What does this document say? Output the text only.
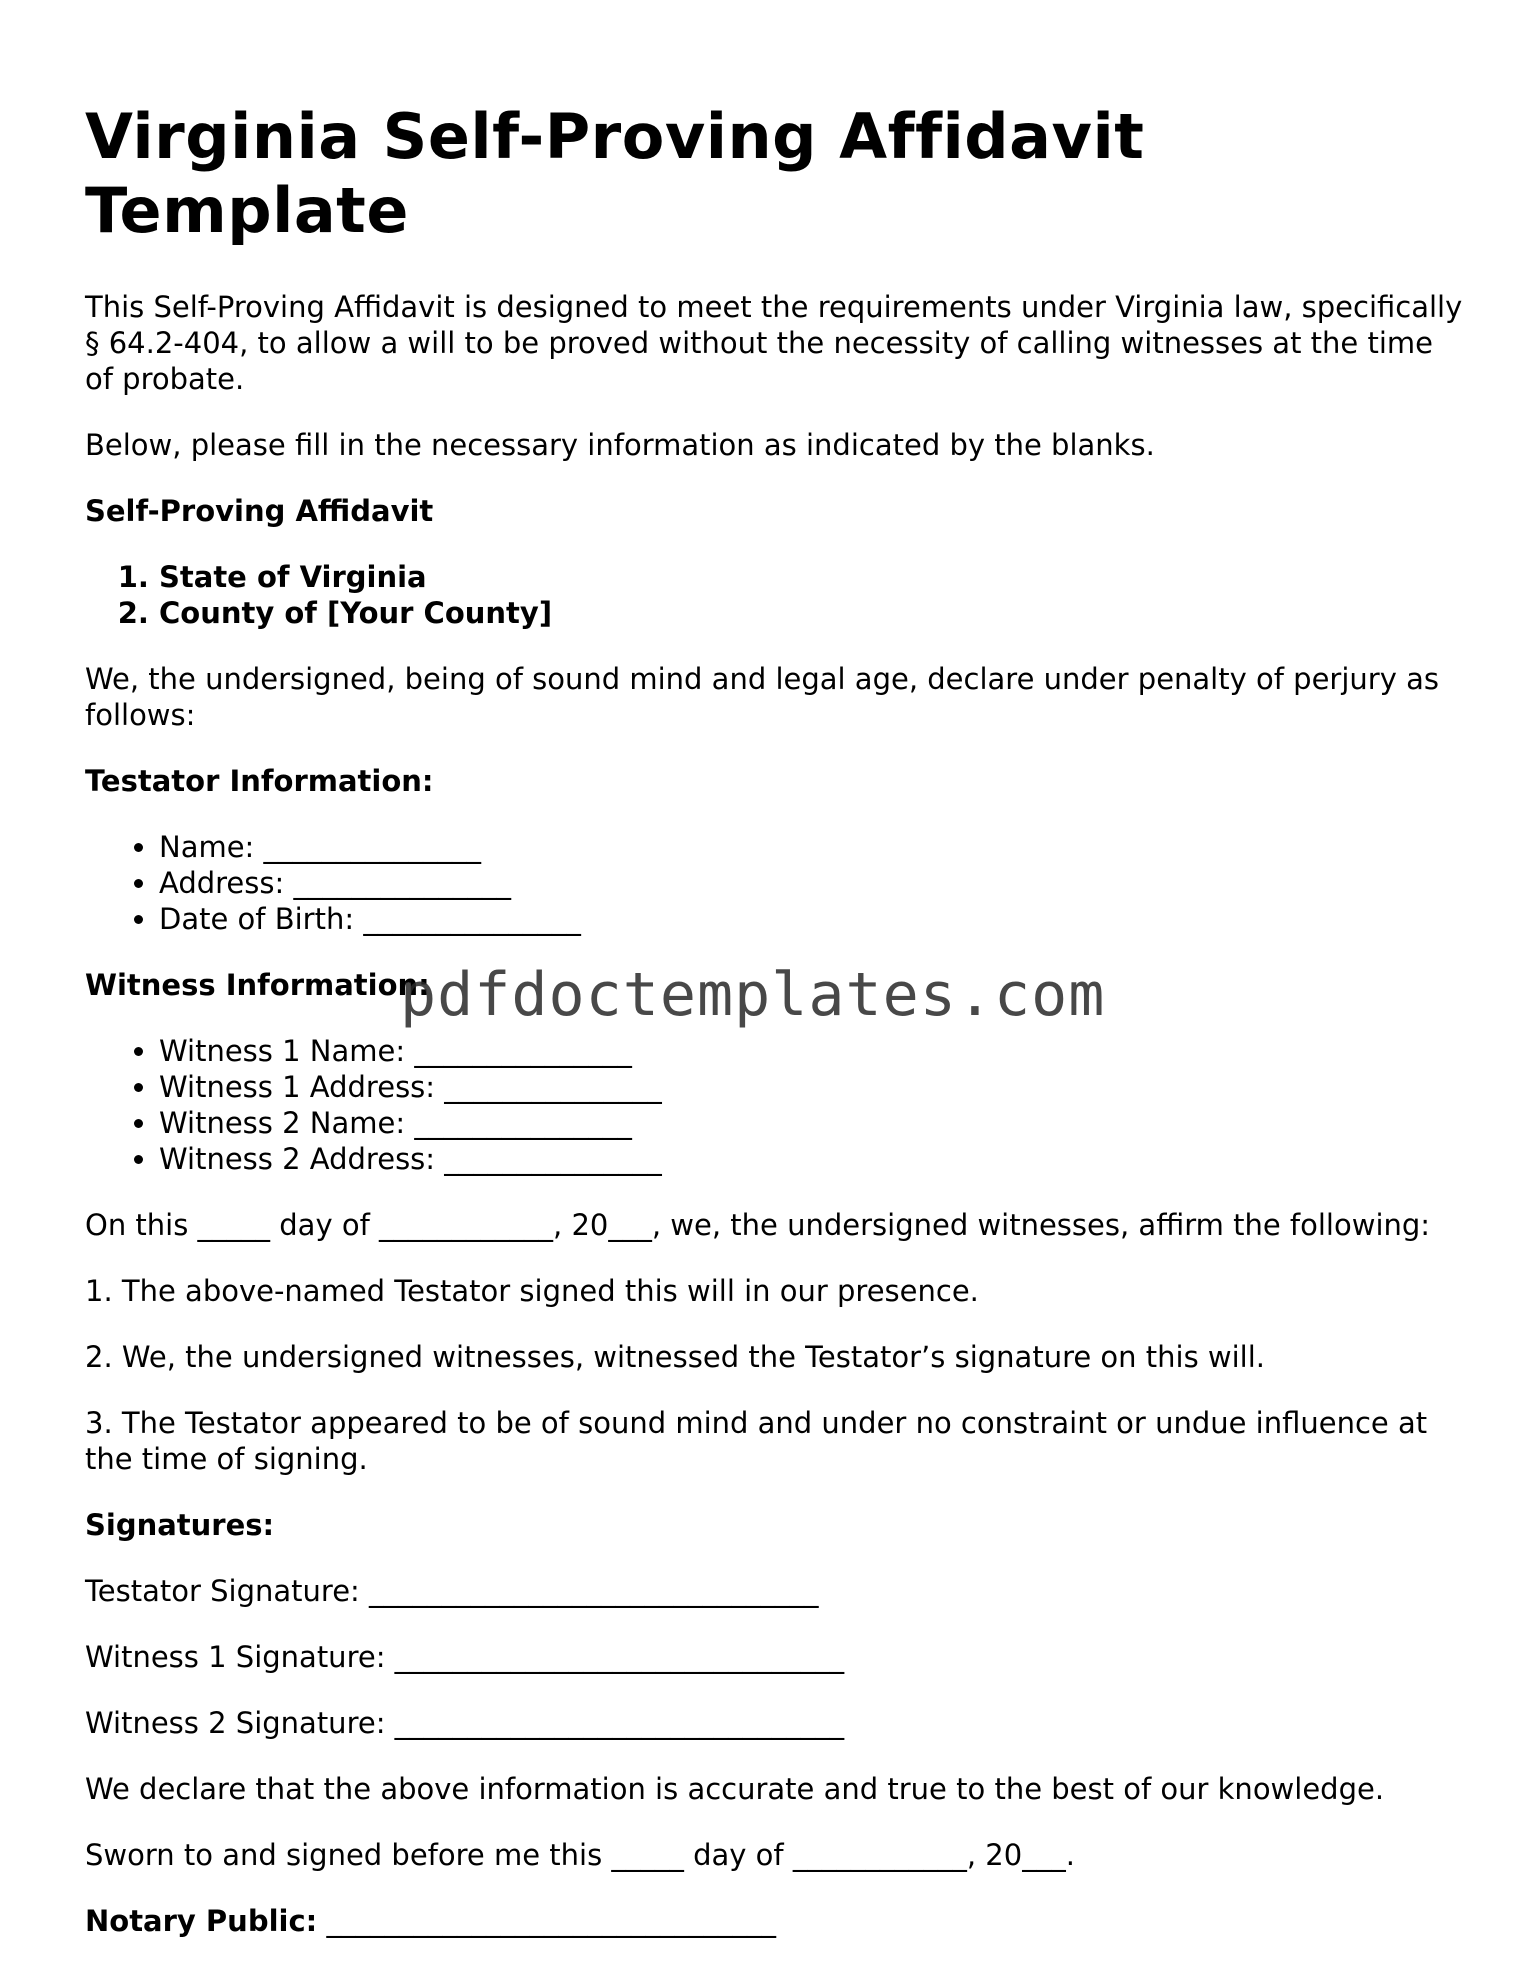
Virginia Self-Proving Affidavit Template

This Self-Proving Affidavit is designed to meet the requirements under Virginia law, specifically § 64.2-404, to allow a will to be proved without the necessity of calling witnesses at the time of probate.

Below, please fill in the necessary information as indicated by the blanks.

Self-Proving Affidavit

1. State of Virginia
2. County of [Your County]

We, the undersigned, being of sound mind and legal age, declare under penalty of perjury as follows:

Testator Information:

• Name: _______________
• Address: _______________
• Date of Birth: _______________

Witness Information:

• Witness 1 Name: _______________
• Witness 1 Address: _______________
• Witness 2 Name: _______________
• Witness 2 Address: _______________

On this _____ day of ____________, 20___, we, the undersigned witnesses, affirm the following:

1. The above-named Testator signed this will in our presence.

2. We, the undersigned witnesses, witnessed the Testator’s signature on this will.

3. The Testator appeared to be of sound mind and under no constraint or undue influence at the time of signing.

Signatures:

Testator Signature: _______________________________

Witness 1 Signature: _______________________________

Witness 2 Signature: _______________________________

We declare that the above information is accurate and true to the best of our knowledge.

Sworn to and signed before me this _____ day of ____________, 20___.

Notary Public: _______________________________

pdfdoctemplates.com
